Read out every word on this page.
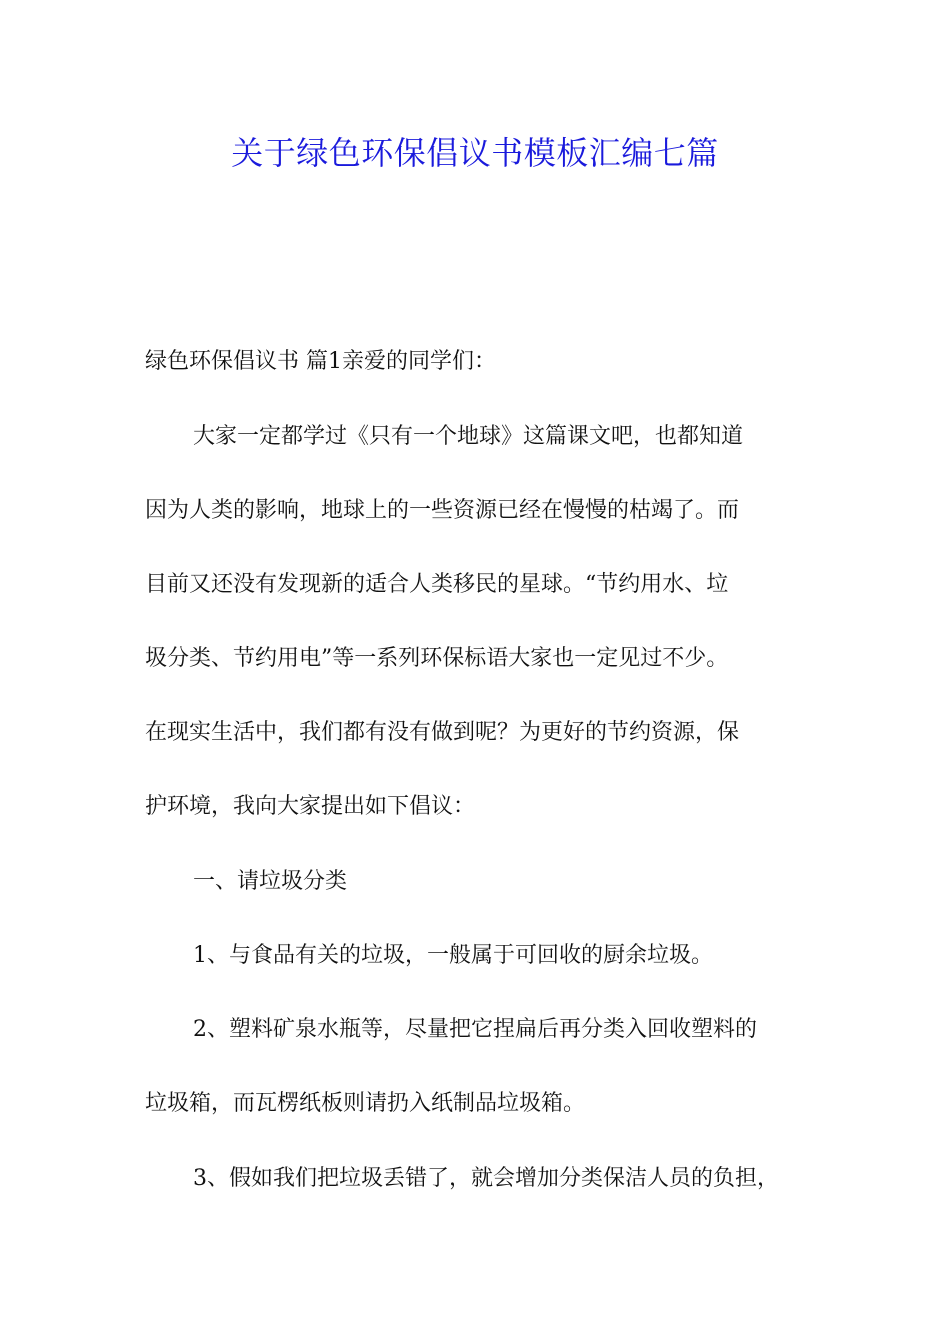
关于绿色环保倡议书模板汇编七篇
绿色环保倡议书 篇1亲爱的同学们：
大家一定都学过《只有一个地球》这篇课文吧，也都知道
因为人类的影响，地球上的一些资源已经在慢慢的枯竭了。而
目前又还没有发现新的适合人类移民的星球。“节约用水、垃
圾分类、节约用电”等一系列环保标语大家也一定见过不少。
在现实生活中，我们都有没有做到呢？为更好的节约资源，保
护环境，我向大家提出如下倡议：
一、请垃圾分类
1、与食品有关的垃圾，一般属于可回收的厨余垃圾。
2、塑料矿泉水瓶等，尽量把它捏扁后再分类入回收塑料的
垃圾箱，而瓦楞纸板则请扔入纸制品垃圾箱。
3、假如我们把垃圾丢错了，就会增加分类保洁人员的负担，
